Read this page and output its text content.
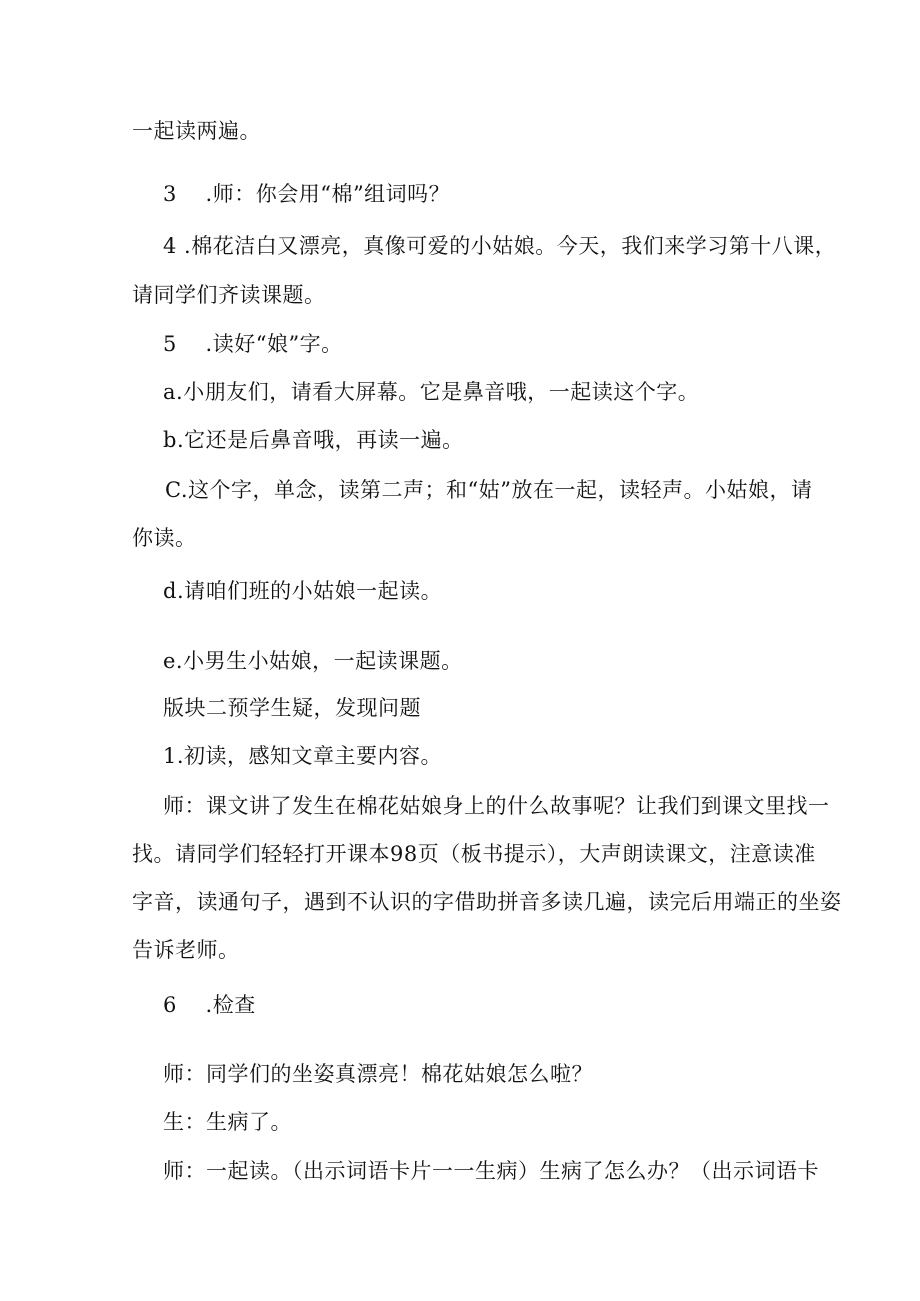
一起读两遍。
3　 .师：你会用“棉”组词吗？
4 .棉花洁白又漂亮，真像可爱的小姑娘。今天，我们来学习第十八课，
请同学们齐读课题。
5　 .读好“娘”字。
a.小朋友们，请看大屏幕。它是鼻音哦，一起读这个字。
b.它还是后鼻音哦，再读一遍。
C.这个字，单念，读第二声；和“姑”放在一起，读轻声。小姑娘，请
你读。
d.请咱们班的小姑娘一起读。
e.小男生小姑娘，一起读课题。
版块二预学生疑，发现问题
1.初读，感知文章主要内容。
师：课文讲了发生在棉花姑娘身上的什么故事呢？让我们到课文里找一
找。请同学们轻轻打开课本98页（板书提示），大声朗读课文，注意读准
字音，读通句子，遇到不认识的字借助拼音多读几遍，读完后用端正的坐姿
告诉老师。
6　 .检查
师：同学们的坐姿真漂亮！棉花姑娘怎么啦？
生：生病了。
师：一起读。（出示词语卡片一一生病）生病了怎么办？（出示词语卡
